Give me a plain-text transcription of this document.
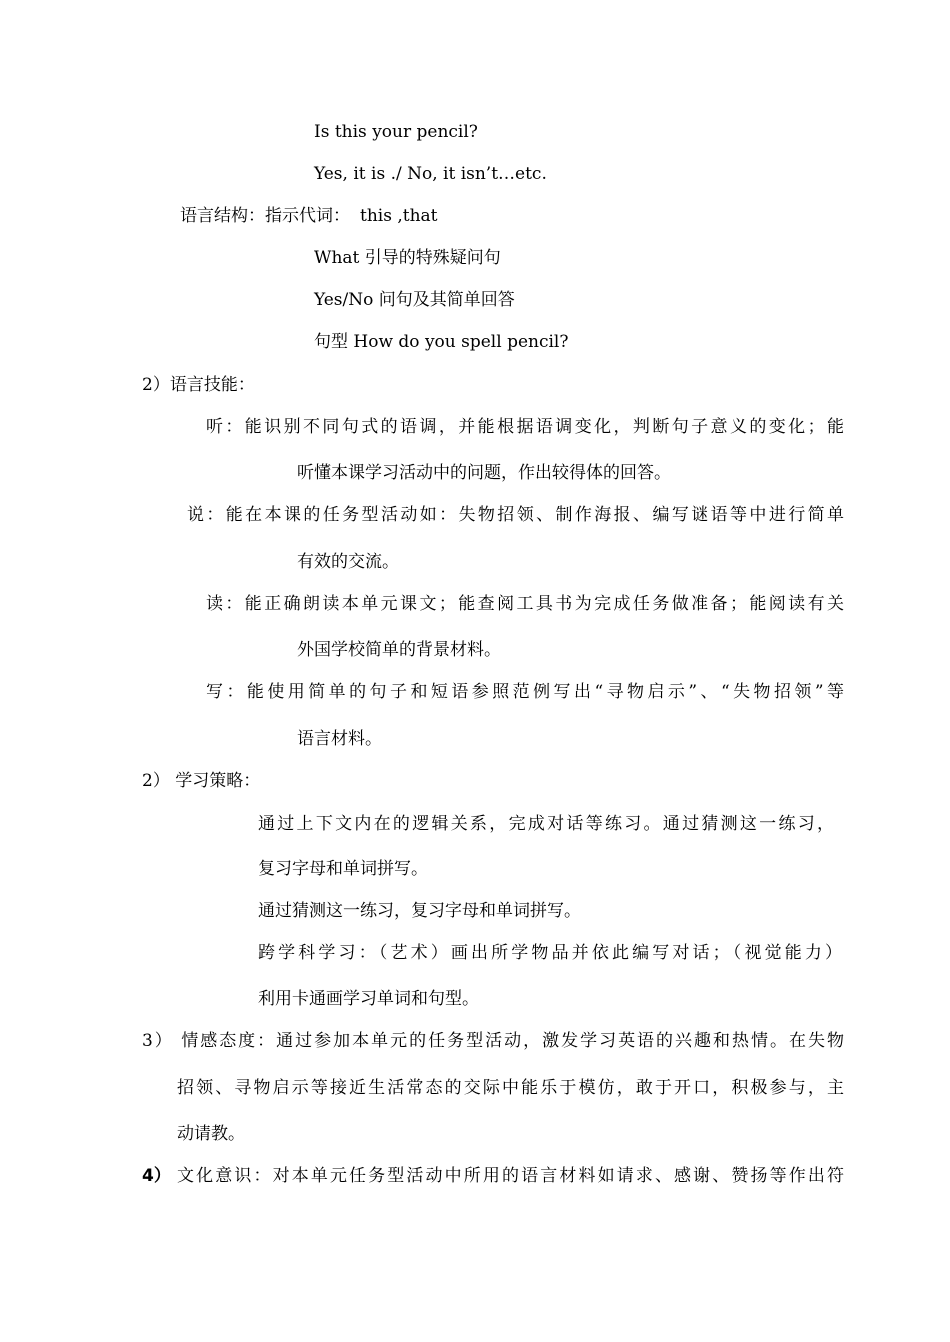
Is this your pencil?
Yes, it is ./ No, it isn’t…etc.
语言结构：指示代词： this ,that
What 引导的特殊疑问句
Yes/No 问句及其简单回答
句型 How do you spell pencil?
2）语言技能：
听：能识别不同句式的语调，并能根据语调变化，判断句子意义的变化；能
听懂本课学习活动中的问题，作出较得体的回答。
说：能在本课的任务型活动如：失物招领、制作海报、编写谜语等中进行简单
有效的交流。
读：能正确朗读本单元课文；能查阅工具书为完成任务做准备；能阅读有关
外国学校简单的背景材料。
写：能使用简单的句子和短语参照范例写出“寻物启示”、“失物招领”等
语言材料。
2） 学习策略：
通过上下文内在的逻辑关系，完成对话等练习。通过猜测这一练习，
复习字母和单词拼写。
通过猜测这一练习，复习字母和单词拼写。
跨学科学习：（艺术）画出所学物品并依此编写对话；（视觉能力）
利用卡通画学习单词和句型。
3） 情感态度：通过参加本单元的任务型活动，激发学习英语的兴趣和热情。在失物
招领、寻物启示等接近生活常态的交际中能乐于模仿，敢于开口，积极参与，主
动请教。
4） 文化意识：对本单元任务型活动中所用的语言材料如请求、感谢、赞扬等作出符
